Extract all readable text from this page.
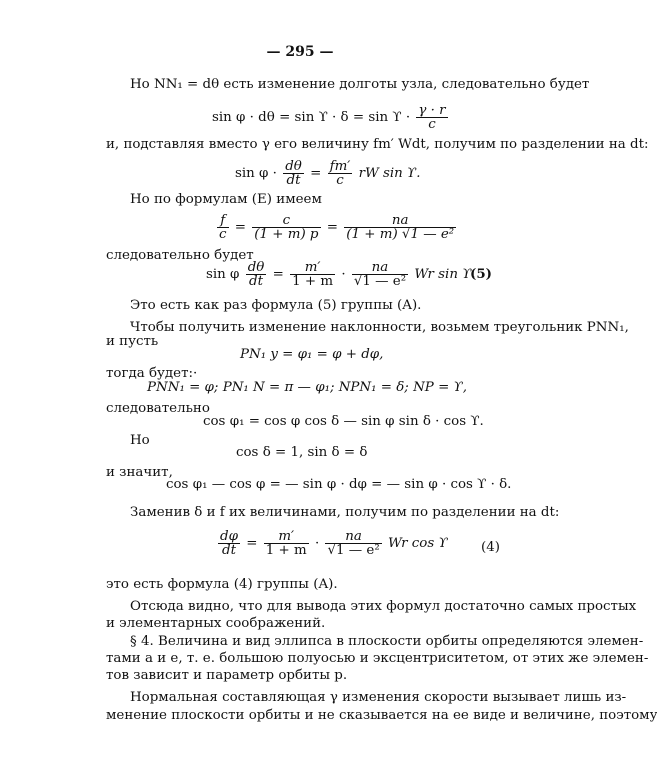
— 295 —
Но NN₁ = dθ есть изменение долготы узла, следовательно будет
$\sin \varphi \cdot d\theta = \sin ϒ \cdot \delta = \sin ϒ \cdot \frac{\gamma \cdot r}{c}$
и, подставляя вместо γ его величину fm′ Wdt, получим по разделении на dt:
$\sin \varphi \cdot \frac{d\theta}{dt} = \frac{fm'}{c}$ rW sin ϒ.
Но по формулам (E) имеем
$\frac{f}{c} = \frac{c}{(1 + m) p} = \frac{na}{\text{(1 + m) √1 — e²}}$
следовательно будет
sin φ $\frac{d\theta}{dt} = \frac{m'}{1 + m} \cdot \frac{na}{\text{√1 — e²}}$ Wr sin ϒ.
(5)
Это есть как раз формула (5) группы (A).
Чтобы получить изменение наклонности, возьмем треугольник PNN₁,
и пусть
PN₁ y = φ₁ = φ + dφ,
тогда будет:·
PNN₁ = φ; PN₁ N = π — φ₁; NPN₁ = δ; NP = ϒ,
следовательно
cos φ₁ = cos φ cos δ — sin φ sin δ · cos ϒ.
Но
cos δ = 1, sin δ = δ
и значит,
cos φ₁ — cos φ = — sin φ · dφ = — sin φ · cos ϒ · δ.
Заменив δ и f их величинами, получим по разделении на dt:
$\frac{d\varphi}{dt} = \frac{m'}{1 + m} \cdot \frac{na}{\text{√1 — e²}}$ Wr cos ϒ (4)
это есть формула (4) группы (A).
Отсюда видно, что для вывода этих формул достаточно самых простых
и элементарных соображений.
§ 4. Величина и вид эллипса в плоскости орбиты определяются элемен-
тами a и e, т. е. большою полуосью и эксцентриситетом, от этих же элемен-
тов зависит и параметр орбиты p.
Нормальная составляющая γ изменения скорости вызывает лишь из-
менение плоскости орбиты и не сказывается на ее виде и величине, поэтому
